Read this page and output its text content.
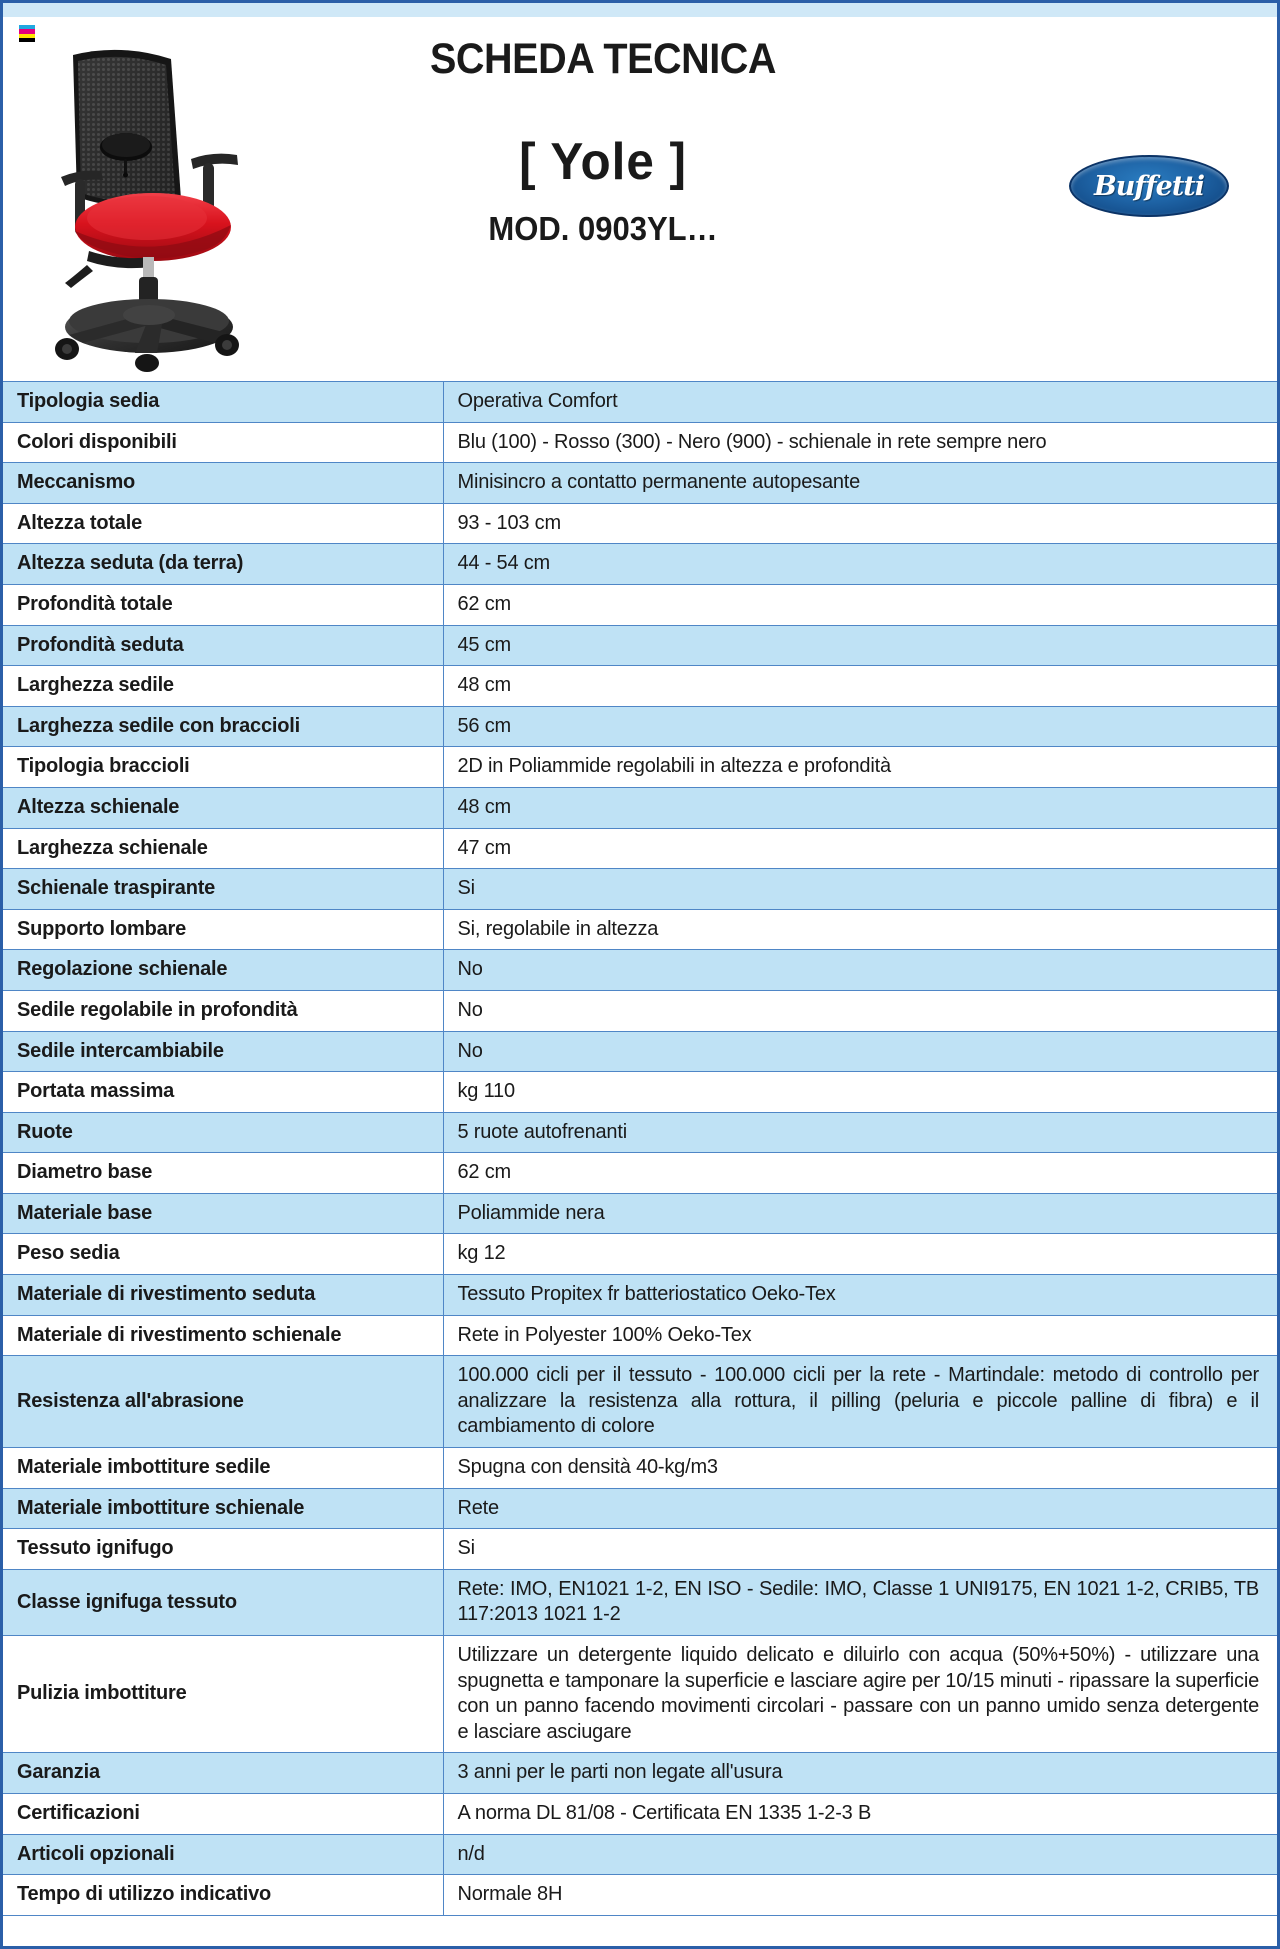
SCHEDA TECNICA
[ Yole ]
MOD. 0903YL…
Buffetti
Tipologia sedia	Operativa Comfort
Colori disponibili	Blu (100) - Rosso (300) - Nero (900) - schienale in rete sempre nero
Meccanismo	Minisincro a contatto permanente autopesante
Altezza totale	93 - 103 cm
Altezza seduta (da terra)	44 - 54 cm
Profondità totale	62 cm
Profondità seduta	45 cm
Larghezza sedile	48 cm
Larghezza sedile con braccioli	56 cm
Tipologia braccioli	2D in Poliammide regolabili in altezza e profondità
Altezza schienale	48 cm
Larghezza schienale	47 cm
Schienale traspirante	Si
Supporto lombare	Si, regolabile in altezza
Regolazione schienale	No
Sedile regolabile in profondità	No
Sedile intercambiabile	No
Portata massima	kg 110
Ruote	5 ruote autofrenanti
Diametro base	62 cm
Materiale base	Poliammide nera
Peso sedia	kg 12
Materiale di rivestimento seduta	Tessuto Propitex fr batteriostatico Oeko-Tex
Materiale di rivestimento schienale	Rete in Polyester 100% Oeko-Tex
Resistenza all'abrasione	100.000 cicli per il tessuto - 100.000 cicli per la rete - Martindale: metodo di controllo per analizzare la resistenza alla rottura, il pilling (peluria e piccole palline di fibra) e il cambiamento di colore
Materiale imbottiture sedile	Spugna con densità 40-kg/m3
Materiale imbottiture schienale	Rete
Tessuto ignifugo	Si
Classe ignifuga tessuto	Rete: IMO, EN1021 1-2, EN ISO - Sedile: IMO, Classe 1 UNI9175, EN 1021 1-2, CRIB5, TB 117:2013 1021 1-2
Pulizia imbottiture	Utilizzare un detergente liquido delicato e diluirlo con acqua (50%+50%) - utilizzare una spugnetta e tamponare la superficie e lasciare agire per 10/15 minuti - ripassare la superficie con un panno facendo movimenti circolari - passare con un panno umido senza detergente e lasciare asciugare
Garanzia	3 anni per le parti non legate all'usura
Certificazioni	A norma DL 81/08 - Certificata EN 1335 1-2-3 B
Articoli opzionali	n/d
Tempo di utilizzo indicativo	Normale 8H
